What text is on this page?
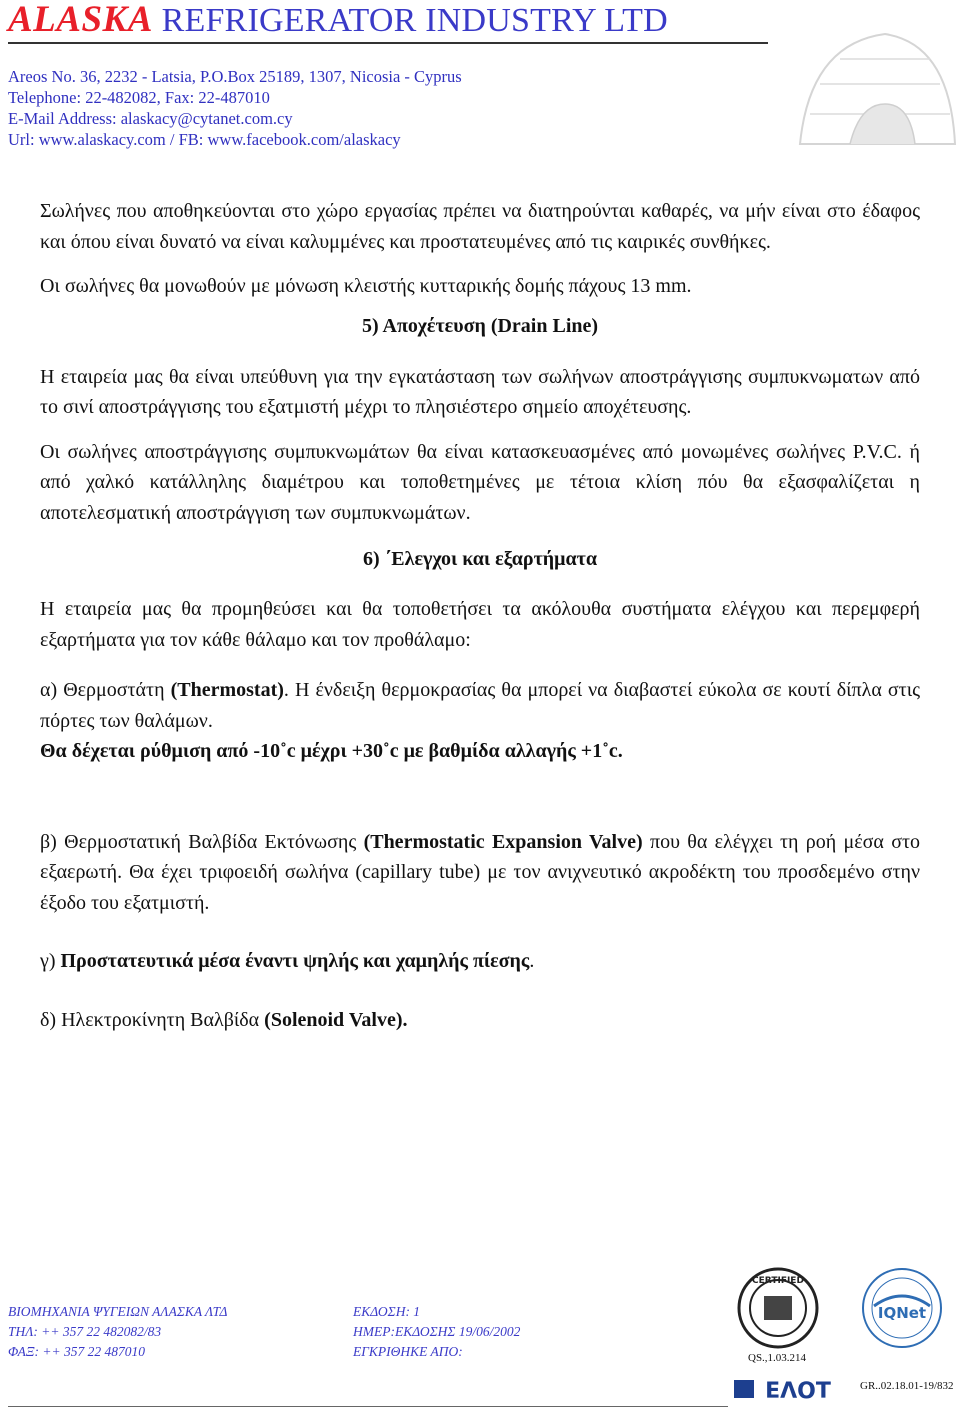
ALASKA REFRIGERATOR INDUSTRY LTD
Areos No. 36, 2232 - Latsia, P.O.Box 25189, 1307, Nicosia - Cyprus
Telephone: 22-482082, Fax: 22-487010
E-Mail Address: alaskacy@cytanet.com.cy
Url: www.alaskacy.com / FB: www.facebook.com/alaskacy

Σωλήνες που αποθηκεύονται στο χώρο εργασίας πρέπει να διατηρούνται καθαρές, να μήν είναι στο έδαφος και όπου είναι δυνατό να είναι καλυμμένες και προστατευμένες από τις καιρικές συνθήκες.

Οι σωλήνες θα μονωθούν με μόνωση κλειστής κυτταρικής δομής πάχους 13 mm.

5) Αποχέτευση (Drain Line)

Η εταιρεία μας θα είναι υπεύθυνη για την εγκατάσταση των σωλήνων αποστράγγισης συμπυκνωματων από το σινί αποστράγγισης του εξατμιστή μέχρι το πλησιέστερο σημείο αποχέτευσης.

Οι σωλήνες αποστράγγισης συμπυκνωμάτων θα είναι κατασκευασμένες από μονωμένες σωλήνες P.V.C. ή από χαλκό κατάλληλης διαμέτρου και τοποθετημένες με τέτοια κλίση πόυ θα εξασφαλίζεται η αποτελεσματική αποστράγγιση των συμπυκνωμάτων.

6) ΄Ελεγχοι και εξαρτήματα

Η εταιρεία μας θα προμηθεύσει και θα τοποθετήσει τα ακόλουθα συστήματα ελέγχου και περεμφερή εξαρτήματα για τον κάθε θάλαμο και τον προθάλαμο:

α) Θερμοστάτη (Thermostat). Η ένδειξη θερμοκρασίας θα μπορεί να διαβαστεί εύκολα σε κουτί δίπλα στις πόρτες των θαλάμων.

Θα δέχεται ρύθμιση από -10˚c μέχρι +30˚c με βαθμίδα αλλαγής +1˚c.

β) Θερμοστατική Βαλβίδα Εκτόνωσης (Thermostatic Expansion Valve) που θα ελέγχει τη ροή μέσα στο εξαερωτή. Θα έχει τριφοειδή σωλήνα (capillary tube) με τον ανιχνευτικό ακροδέκτη του προσδεμένο στην έξοδο του εξατμιστή.

γ) Προστατευτικά μέσα έναντι ψηλής και χαμηλής πίεσης.

δ) Ηλεκτροκίνητη Βαλβίδα (Solenoid Valve).

ΒΙΟΜΗΧΑΝΙΑ ΨΥΓΕΙΩΝ ΑΛΑΣΚΑ ΛΤΔ
ΤΗΛ: ++ 357 22 482082/83
ΦΑΞ: ++ 357 22 487010
ΕΚΔΟΣΗ: 1
ΗΜΕΡ:ΕΚΔΟΣΗΣ 19/06/2002
ΕΓΚΡΙΘΗΚΕ ΑΠΟ:
CERTIFIED
IQNet
QS.,1.03.214
ΕΛΟΤ	GR..02.18.01-19/832
